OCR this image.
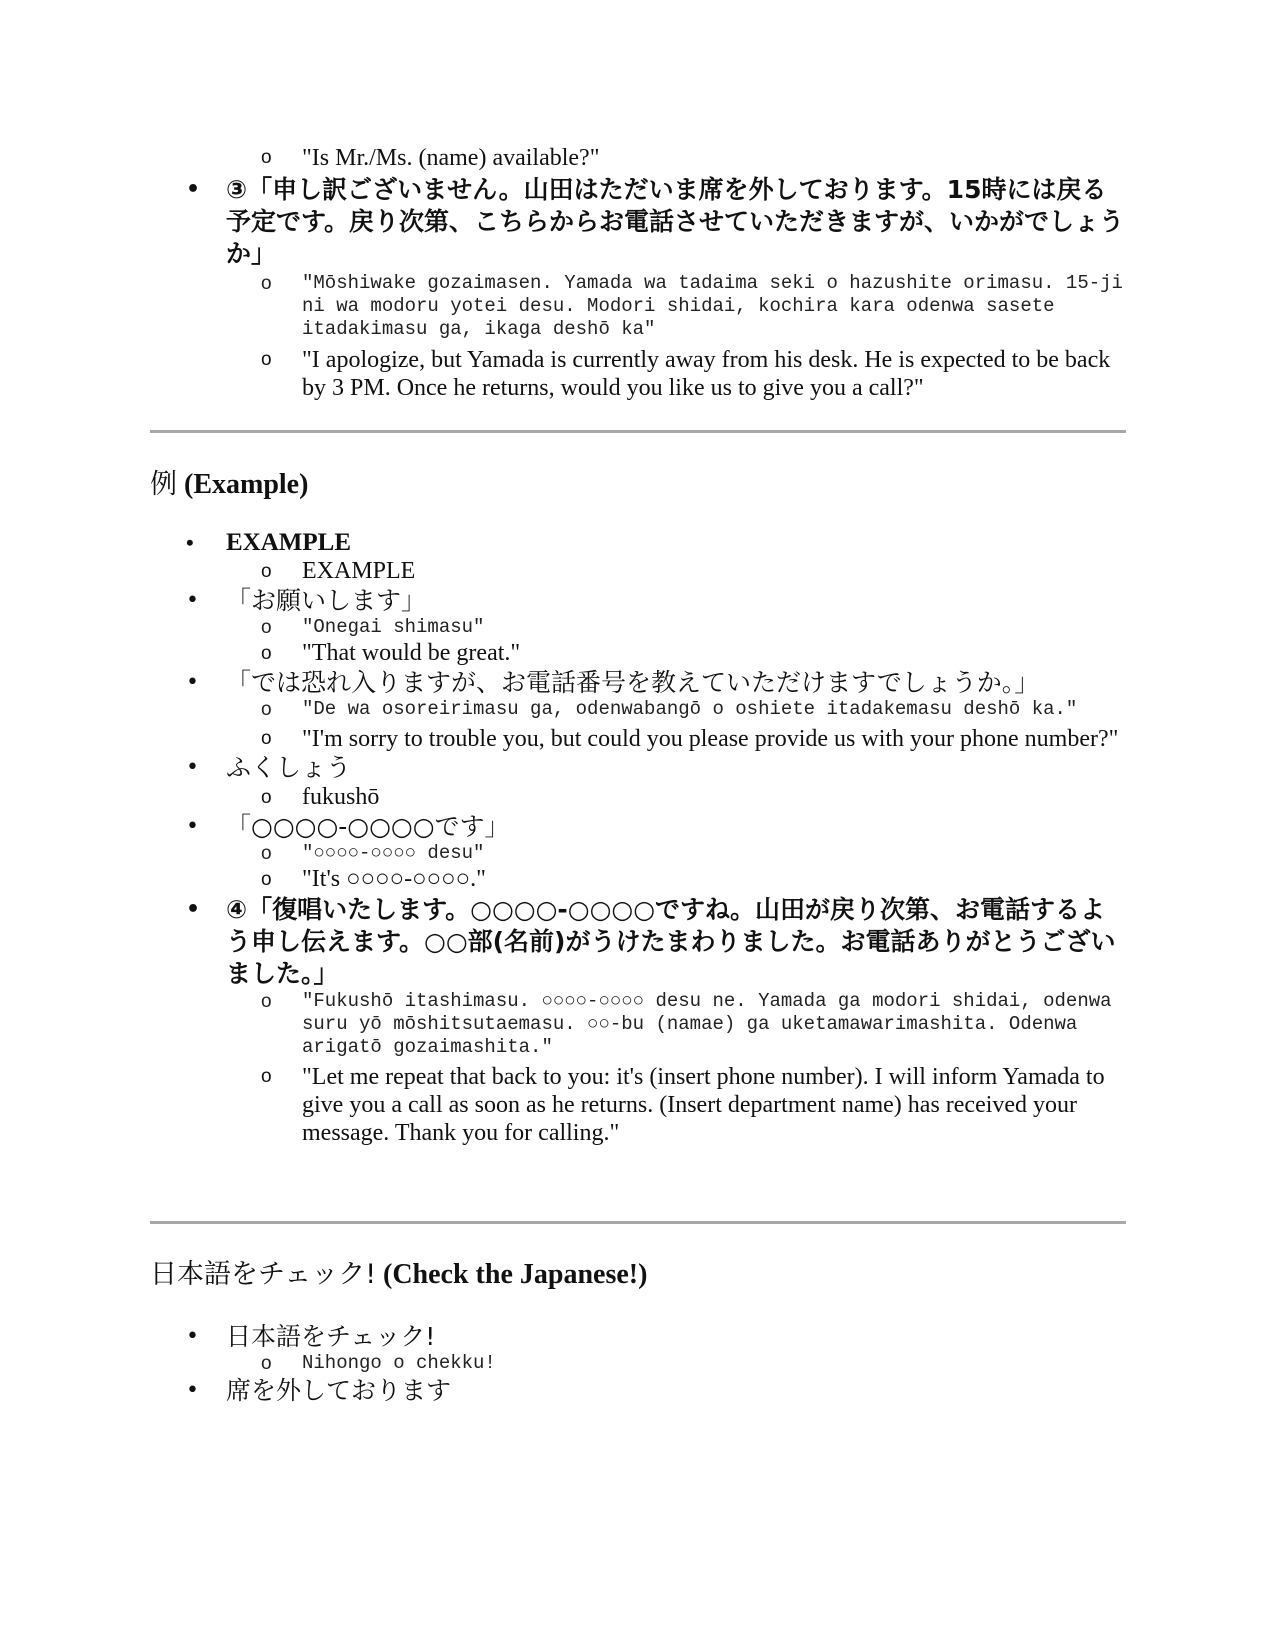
o "Is Mr./Ms. (name) available?"
• ③「申し訳ございません。山田はただいま席を外しております。15時には戻る予定です。戻り次第、こちらからお電話させていただきますが、いかがでしょうか」
o "Mōshiwake gozaimasen. Yamada wa tadaima seki o hazushite orimasu. 15-ji ni wa modoru yotei desu. Modori shidai, kochira kara odenwa sasete itadakimasu ga, ikaga deshō ka"
o "I apologize, but Yamada is currently away from his desk. He is expected to be back by 3 PM. Once he returns, would you like us to give you a call?"
例 (Example)
• EXAMPLE
o EXAMPLE
• 「お願いします」
o "Onegai shimasu"
o "That would be great."
• 「では恐れ入りますが、お電話番号を教えていただけますでしょうか。」
o "De wa osoreirimasu ga, odenwabangō o oshiete itadakemasu deshō ka."
o "I'm sorry to trouble you, but could you please provide us with your phone number?"
• ふくしょう
o fukushō
• 「○○○○-○○○○です」
o "○○○○-○○○○ desu"
o "It's ○○○○-○○○○."
• ④「復唱いたします。○○○○-○○○○ですね。山田が戻り次第、お電話するよう申し伝えます。○○部(名前)がうけたまわりました。お電話ありがとうございました。」
o "Fukushō itashimasu. ○○○○-○○○○ desu ne. Yamada ga modori shidai, odenwa suru yō mōshitsutaemasu. ○○-bu (namae) ga uketamawarimashita. Odenwa arigatō gozaimashita."
o "Let me repeat that back to you: it's (insert phone number). I will inform Yamada to give you a call as soon as he returns. (Insert department name) has received your message. Thank you for calling."
日本語をチェック! (Check the Japanese!)
• 日本語をチェック!
o Nihongo o chekku!
• 席を外しております
